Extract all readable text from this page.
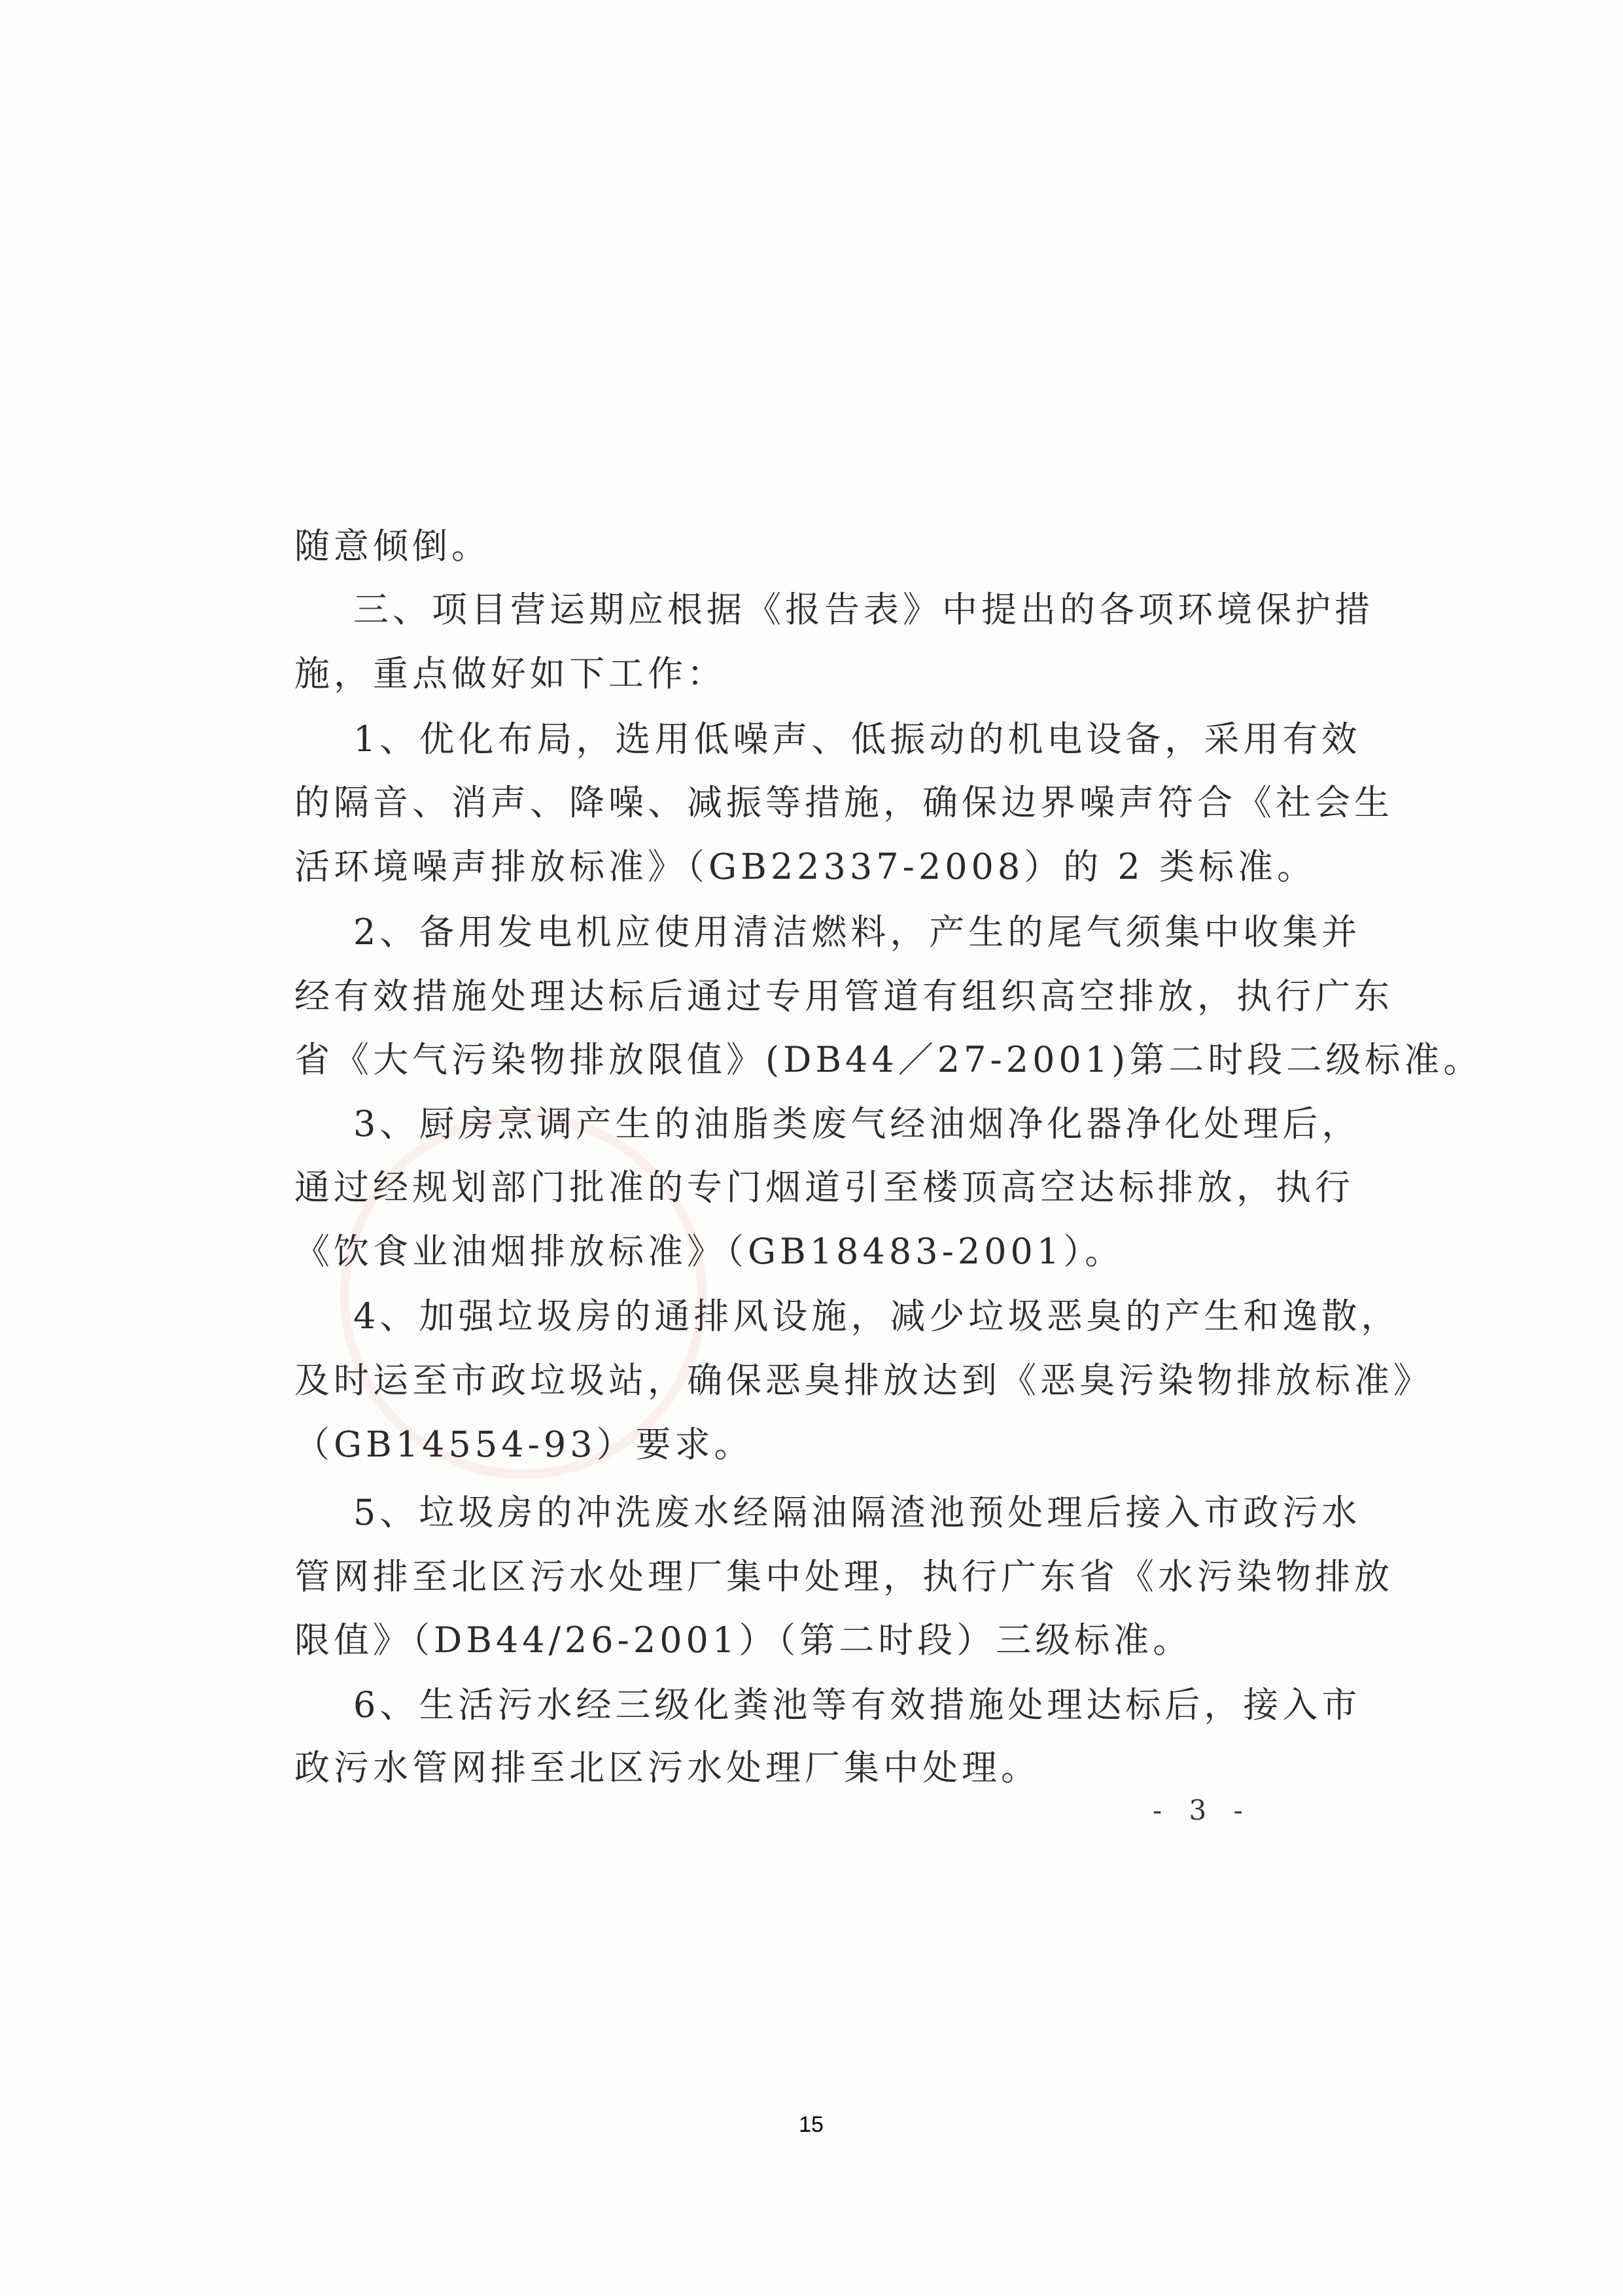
随意倾倒。
三、项目营运期应根据《报告表》中提出的各项环境保护措
施，重点做好如下工作：
1、优化布局，选用低噪声、低振动的机电设备，采用有效
的隔音、消声、降噪、减振等措施，确保边界噪声符合《社会生
活环境噪声排放标准》（GB22337-2008）的 2 类标准。
2、备用发电机应使用清洁燃料，产生的尾气须集中收集并
经有效措施处理达标后通过专用管道有组织高空排放，执行广东
省《大气污染物排放限值》(DB44／27-2001)第二时段二级标准。
3、厨房烹调产生的油脂类废气经油烟净化器净化处理后，
通过经规划部门批准的专门烟道引至楼顶高空达标排放，执行
《饮食业油烟排放标准》（GB18483-2001）。
4、加强垃圾房的通排风设施，减少垃圾恶臭的产生和逸散，
及时运至市政垃圾站，确保恶臭排放达到《恶臭污染物排放标准》
（GB14554-93）要求。
5、垃圾房的冲洗废水经隔油隔渣池预处理后接入市政污水
管网排至北区污水处理厂集中处理，执行广东省《水污染物排放
限值》（DB44/26-2001）（第二时段）三级标准。
6、生活污水经三级化粪池等有效措施处理达标后，接入市
政污水管网排至北区污水处理厂集中处理。
- 3 -
15
